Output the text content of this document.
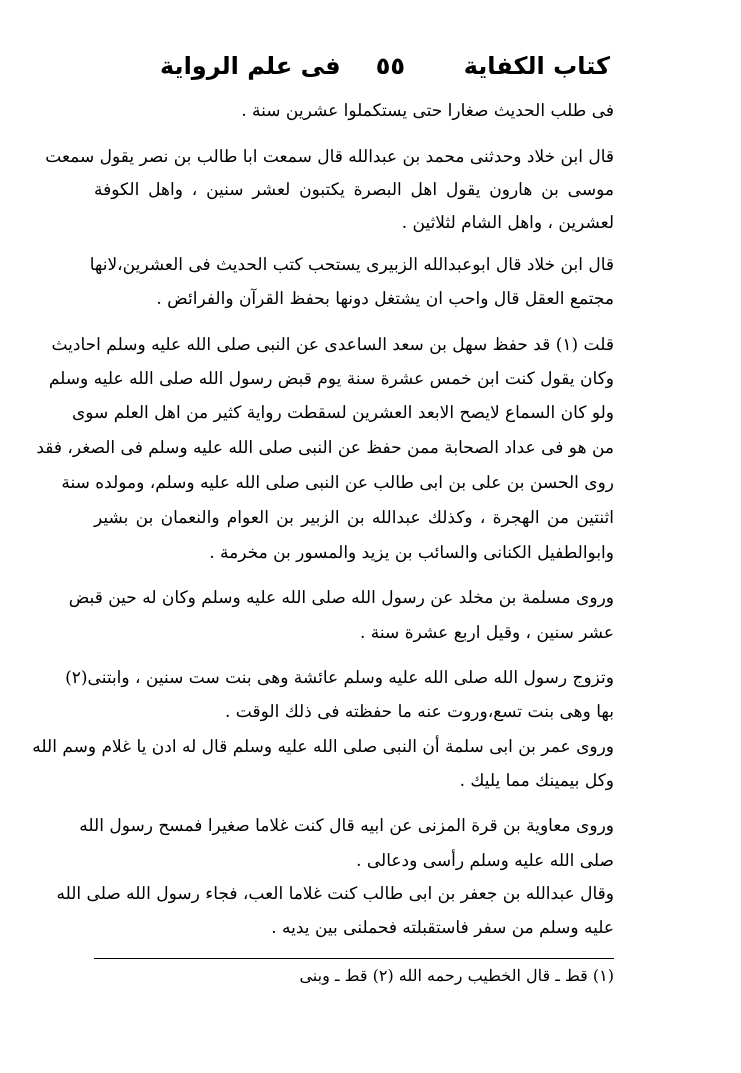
كتاب الكفاية
٥٥
فى علم الرواية
فى طلب الحديث صغارا حتى يستكملوا عشرين سنة .
قال ابن خلاد وحدثنى محمد بن عبدالله قال سمعت ابا طالب بن نصر يقول سمعت
موسى بن هارون يقول اهل البصرة يكتبون لعشر سنين ، واهل الكوفة
لعشرين ، واهل الشام لثلاثين .
قال ابن خلاد قال ابوعبدالله الزبيرى يستحب كتب الحديث فى العشرين،لانها
مجتمع العقل قال واحب ان يشتغل دونها بحفظ القرآن والفرائض .
قلت (١) قد حفظ سهل بن سعد الساعدى عن النبى صلى الله عليه وسلم احاديث
وكان يقول كنت ابن خمس عشرة سنة يوم قبض رسول الله صلى الله عليه وسلم
ولو كان السماع لايصح الابعد العشرين لسقطت رواية كثير من اهل العلم سوى
من هو فى عداد الصحابة ممن حفظ عن النبى صلى الله عليه وسلم فى الصغر، فقد
روى الحسن بن على بن ابى طالب عن النبى صلى الله عليه وسلم، ومولده سنة
اثنتين من الهجرة ، وكذلك عبدالله بن الزبير بن العوام والنعمان بن بشير
وابوالطفيل الكنانى والسائب بن يزيد والمسور بن مخرمة .
وروى مسلمة بن مخلد عن رسول الله صلى الله عليه وسلم وكان له حين قبض
عشر سنين ، وقيل اربع عشرة سنة .
وتزوج رسول الله صلى الله عليه وسلم عائشة وهى بنت ست سنين ، وابتنى(٢)
بها وهى بنت تسع،وروت عنه ما حفظته فى ذلك الوقت .
وروى عمر بن ابى سلمة أن النبى صلى الله عليه وسلم قال له ادن يا غلام وسم الله
وكل بيمينك مما يليك .
وروى معاوية بن قرة المزنى عن ابيه قال كنت غلاما صغيرا فمسح رسول الله
صلى الله عليه وسلم رأسى ودعالى .
وقال عبدالله بن جعفر بن ابى طالب كنت غلاما العب، فجاء رسول الله صلى الله
عليه وسلم من سفر فاستقبلته فحملنى بين يديه .
(١) قط ـ قال الخطيب رحمه الله (٢) قط ـ وبنى
